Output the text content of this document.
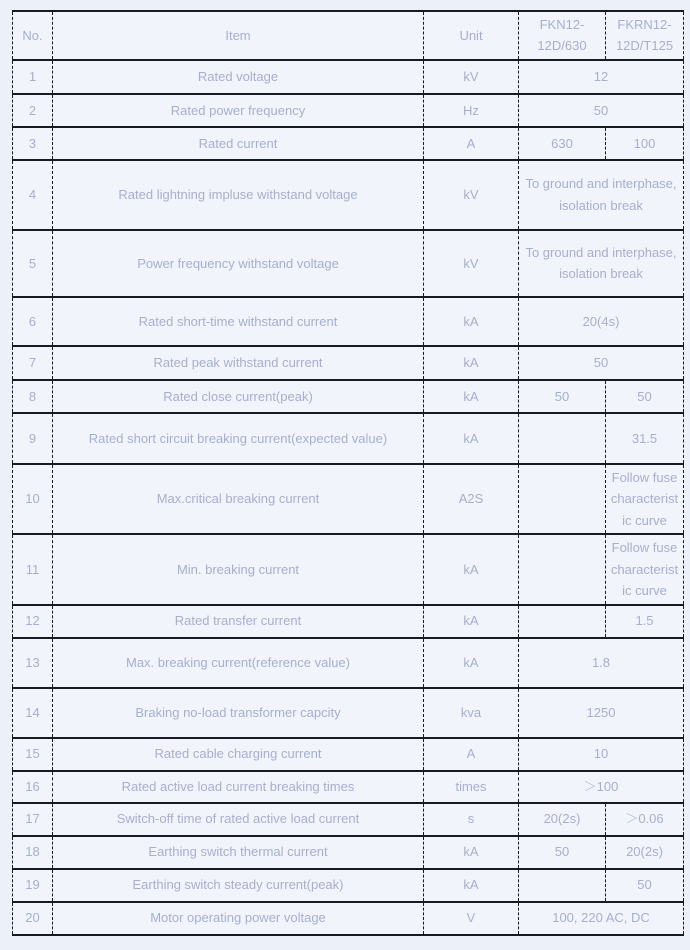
No.	Item	Unit	FKN12-12D/630	FKRN12-12D/T125
1	Rated voltage	kV	12	
2	Rated power frequency	Hz	50	
3	Rated current	A	630	100
4	Rated lightning impluse withstand voltage	kV	To ground and interphase, isolation break	
5	Power frequency withstand voltage	kV	To ground and interphase, isolation break	
6	Rated short-time withstand current	kA	20(4s)	
7	Rated peak withstand current	kA	50	
8	Rated close current(peak)	kA	50	50
9	Rated short circuit breaking current(expected value)	kA		31.5
10	Max.critical breaking current	A2S		Follow fuse characteristic curve
11	Min. breaking current	kA		Follow fuse characteristic curve
12	Rated transfer current	kA		1.5
13	Max. breaking current(reference value)	kA	1.8	
14	Braking no-load transformer capcity	kva	1250	
15	Rated cable charging current	A	10	
16	Rated active load current breaking times	times	＞100	
17	Switch-off time of rated active load current	s	20(2s)	＞0.06
18	Earthing switch thermal current	kA	50	20(2s)
19	Earthing switch steady current(peak)	kA		50
20	Motor operating power voltage	V	100, 220 AC, DC	
